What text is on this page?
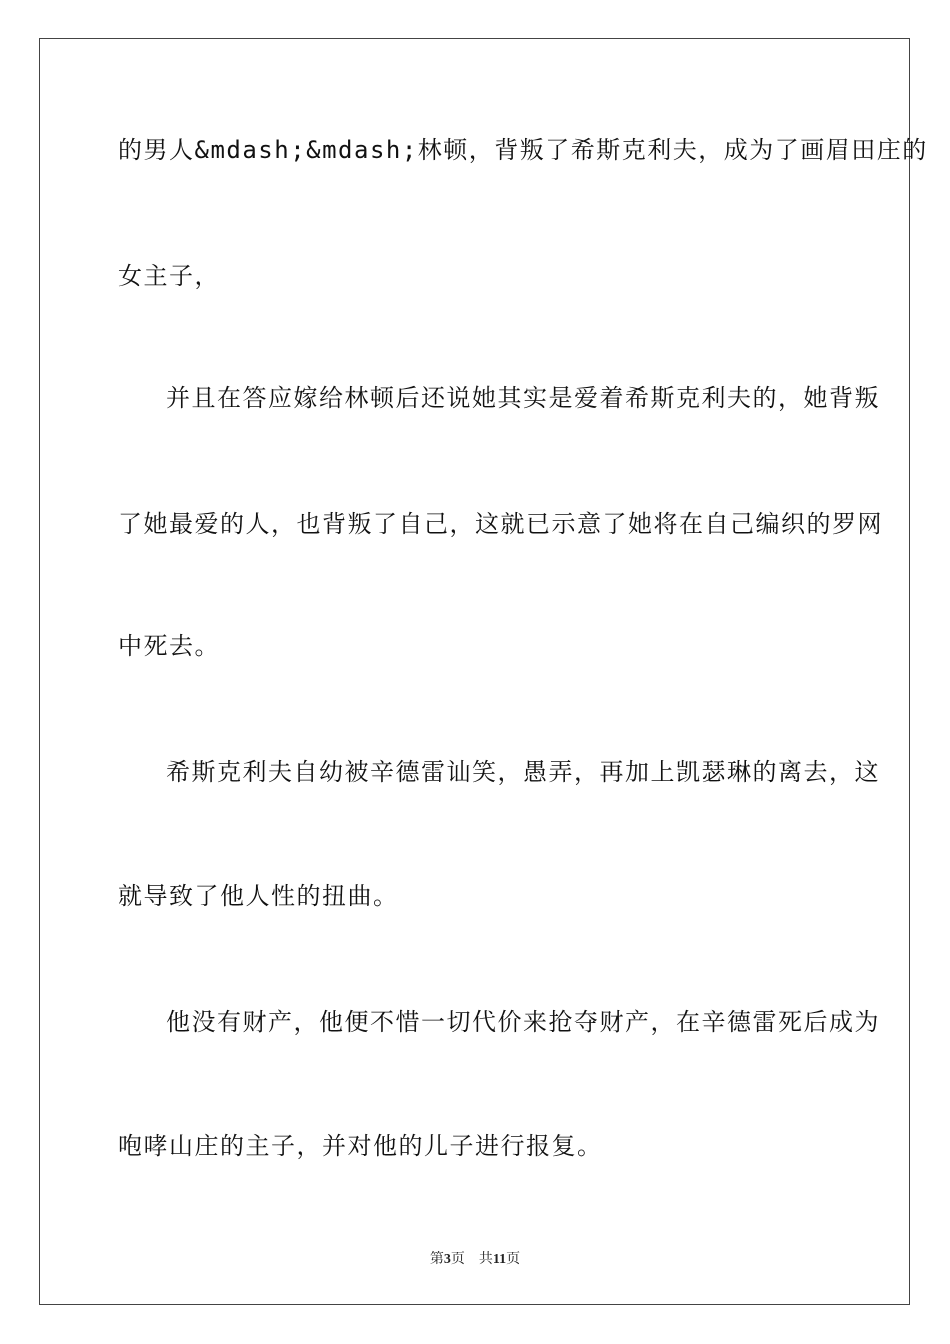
的男人&mdash;&mdash;林顿，背叛了希斯克利夫，成为了画眉田庄的
女主子，
并且在答应嫁给林顿后还说她其实是爱着希斯克利夫的，她背叛
了她最爱的人，也背叛了自己，这就已示意了她将在自己编织的罗网
中死去。
希斯克利夫自幼被辛德雷讪笑，愚弄，再加上凯瑟琳的离去，这
就导致了他人性的扭曲。
他没有财产，他便不惜一切代价来抢夺财产，在辛德雷死后成为
咆哮山庄的主子，并对他的儿子进行报复。
第3页 共11页
